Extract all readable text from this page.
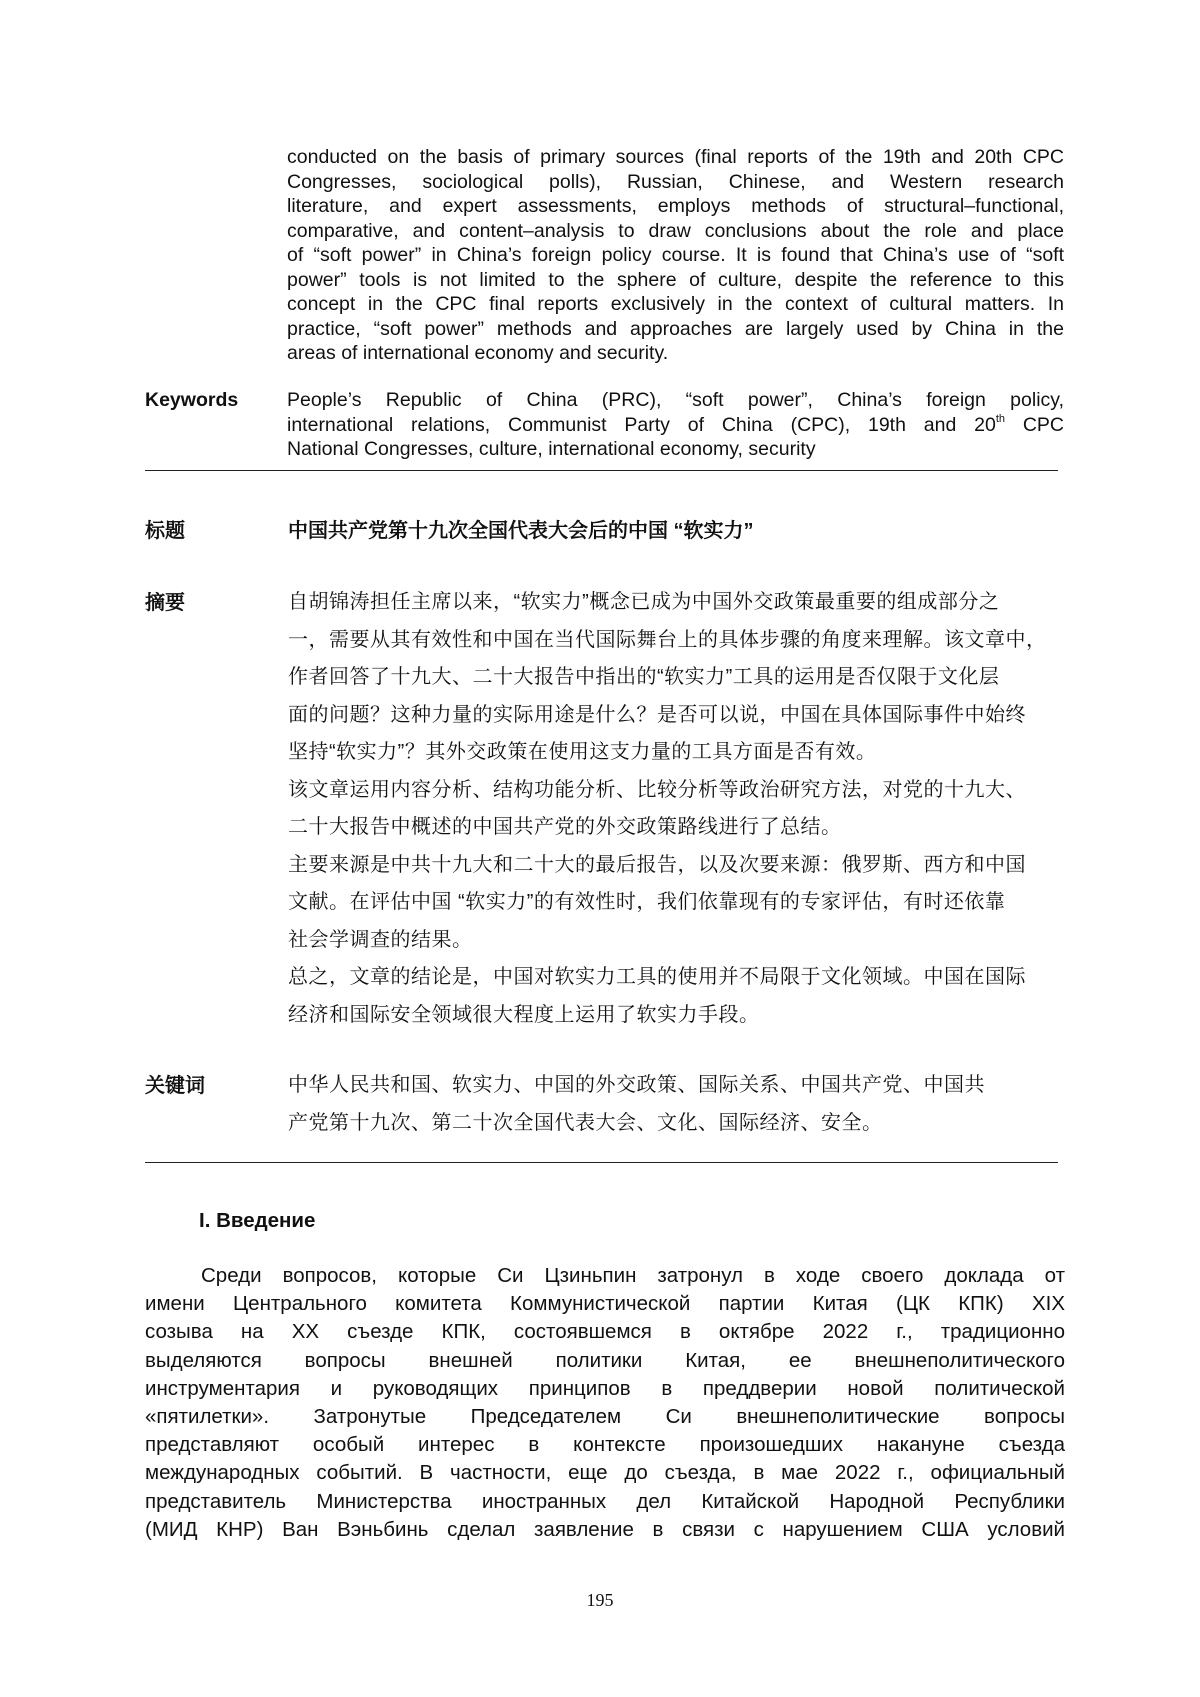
conducted on the basis of primary sources (final reports of the 19th and 20th CPC
Congresses, sociological polls), Russian, Chinese, and Western research
literature, and expert assessments, employs methods of structural–functional,
comparative, and content–analysis to draw conclusions about the role and place
of “soft power” in China’s foreign policy course. It is found that China’s use of “soft
power” tools is not limited to the sphere of culture, despite the reference to this
concept in the CPC final reports exclusively in the context of cultural matters. In
practice, “soft power” methods and approaches are largely used by China in the
areas of international economy and security.
Keywords	People’s Republic of China (PRC), “soft power”, China’s foreign policy,
international relations, Communist Party of China (CPC), 19th and 20th CPC
National Congresses, culture, international economy, security
标题	中国共产党第十九次全国代表大会后的中国 “软实力”
摘要	自胡锦涛担任主席以来，“软实力”概念已成为中国外交政策最重要的组成部分之
一，需要从其有效性和中国在当代国际舞台上的具体步骤的角度来理解。该文章中，
作者回答了十九大、二十大报告中指出的“软实力”工具的运用是否仅限于文化层
面的问题？这种力量的实际用途是什么？是否可以说，中国在具体国际事件中始终
坚持“软实力”？其外交政策在使用这支力量的工具方面是否有效。
该文章运用内容分析、结构功能分析、比较分析等政治研究方法，对党的十九大、
二十大报告中概述的中国共产党的外交政策路线进行了总结。
主要来源是中共十九大和二十大的最后报告，以及次要来源：俄罗斯、西方和中国
文献。在评估中国 “软实力”的有效性时，我们依靠现有的专家评估，有时还依靠
社会学调查的结果。
总之，文章的结论是，中国对软实力工具的使用并不局限于文化领域。中国在国际
经济和国际安全领域很大程度上运用了软实力手段。
关键词	中华人民共和国、软实力、中国的外交政策、国际关系、中国共产党、中国共
产党第十九次、第二十次全国代表大会、文化、国际经济、安全。
I. Введение
Среди вопросов, которые Си Цзиньпин затронул в ходе своего доклада от
имени Центрального комитета Коммунистической партии Китая (ЦК КПК) XIX
созыва на XX съезде КПК, состоявшемся в октябре 2022 г., традиционно
выделяются вопросы внешней политики Китая, ее внешнеполитического
инструментария и руководящих принципов в преддверии новой политической
«пятилетки». Затронутые Председателем Си внешнеполитические вопросы
представляют особый интерес в контексте произошедших накануне съезда
международных событий. В частности, еще до съезда, в мае 2022 г., официальный
представитель Министерства иностранных дел Китайской Народной Республики
(МИД КНР) Ван Вэньбинь сделал заявление в связи с нарушением США условий
195
